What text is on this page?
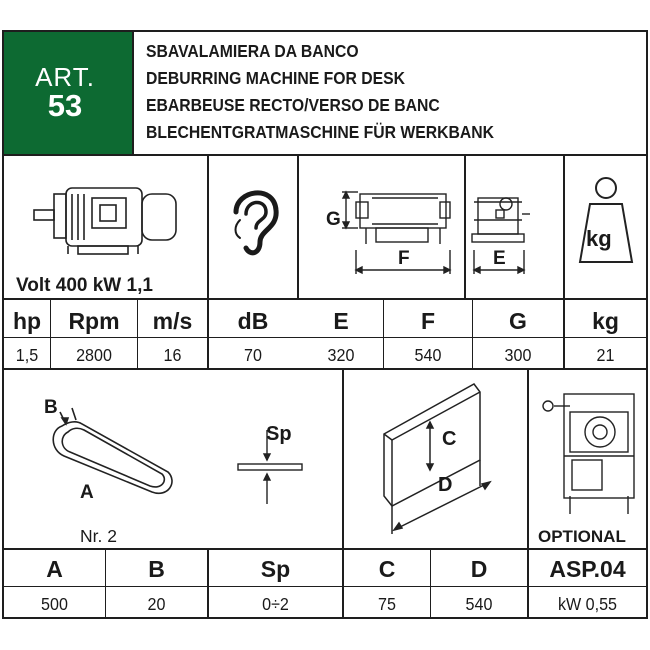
ART.
53
SBAVALAMIERA DA BANCO
DEBURRING MACHINE FOR DESK
EBARBEUSE RECTO/VERSO DE BANC
BLECHENTGRATMASCHINE FÜR WERKBANK
Volt 400 kW 1,1
G
F	E
kg
hp	Rpm	m/s	dB	E	F	G	kg
1,5	2800	16	70	320	540	300	21
B
A
Nr. 2
Sp	C
D
OPTIONAL
A	B	Sp	C	D	ASP.04
500	20	0÷2	75	540	kW 0,55
